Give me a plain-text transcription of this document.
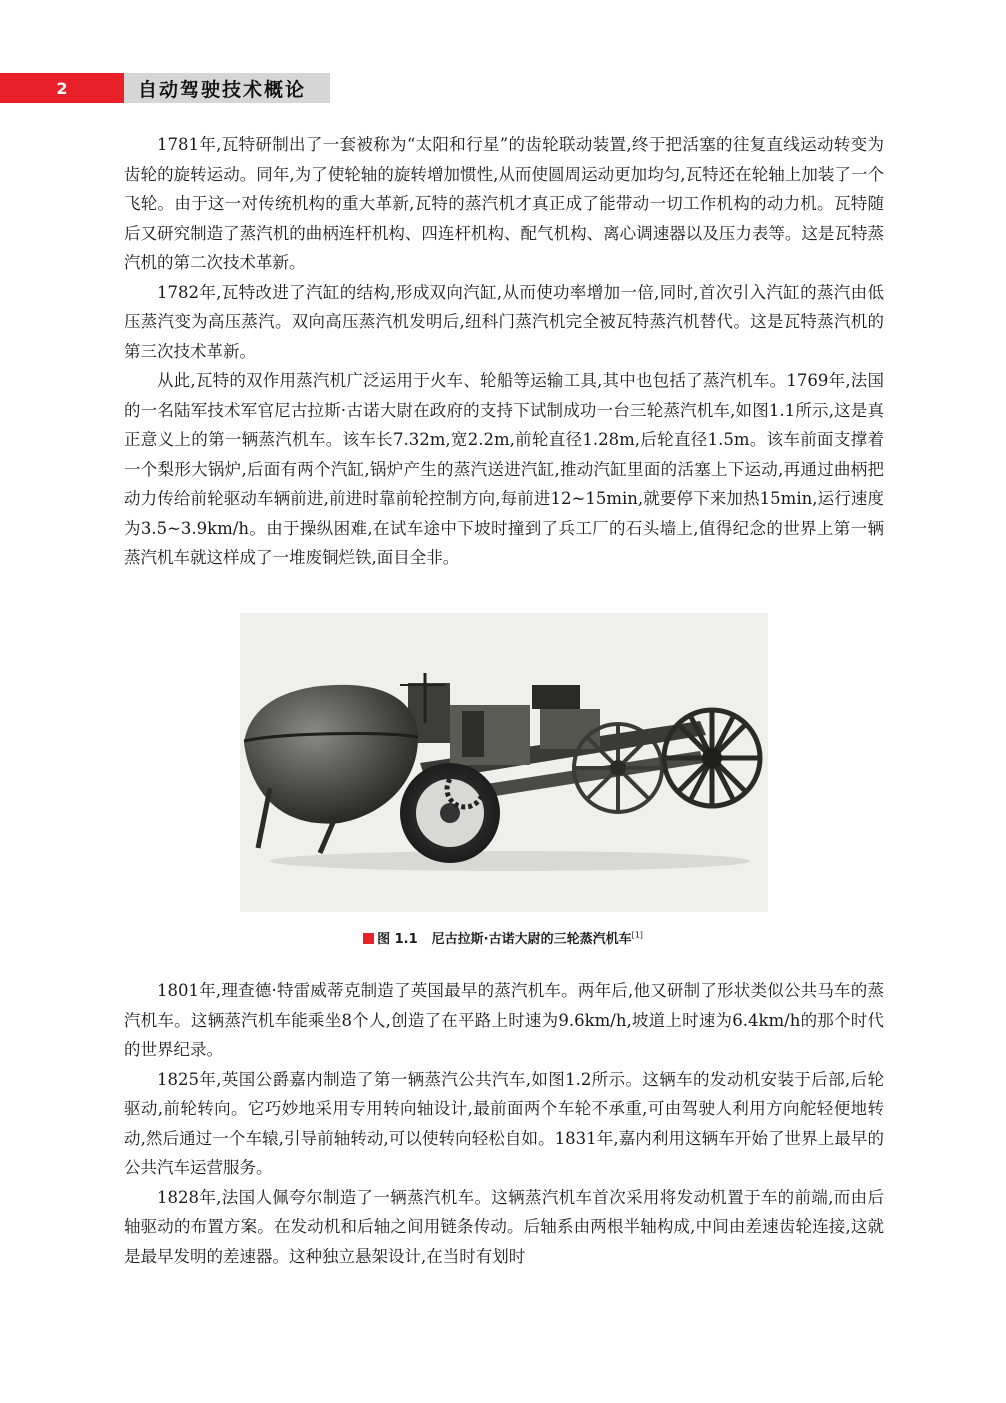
2	自动驾驶技术概论

1781年,瓦特研制出了一套被称为“太阳和行星”的齿轮联动装置,终于把活塞的往复直线运动转变为齿轮的旋转运动。同年,为了使轮轴的旋转增加惯性,从而使圆周运动更加均匀,瓦特还在轮轴上加装了一个飞轮。由于这一对传统机构的重大革新,瓦特的蒸汽机才真正成了能带动一切工作机构的动力机。瓦特随后又研究制造了蒸汽机的曲柄连杆机构、四连杆机构、配气机构、离心调速器以及压力表等。这是瓦特蒸汽机的第二次技术革新。

1782年,瓦特改进了汽缸的结构,形成双向汽缸,从而使功率增加一倍,同时,首次引入汽缸的蒸汽由低压蒸汽变为高压蒸汽。双向高压蒸汽机发明后,纽科门蒸汽机完全被瓦特蒸汽机替代。这是瓦特蒸汽机的第三次技术革新。

从此,瓦特的双作用蒸汽机广泛运用于火车、轮船等运输工具,其中也包括了蒸汽机车。1769年,法国的一名陆军技术军官尼古拉斯·古诺大尉在政府的支持下试制成功一台三轮蒸汽机车,如图1.1所示,这是真正意义上的第一辆蒸汽机车。该车长7.32m,宽2.2m,前轮直径1.28m,后轮直径1.5m。该车前面支撑着一个梨形大锅炉,后面有两个汽缸,锅炉产生的蒸汽送进汽缸,推动汽缸里面的活塞上下运动,再通过曲柄把动力传给前轮驱动车辆前进,前进时靠前轮控制方向,每前进12~15min,就要停下来加热15min,运行速度为3.5~3.9km/h。由于操纵困难,在试车途中下坡时撞到了兵工厂的石头墙上,值得纪念的世界上第一辆蒸汽机车就这样成了一堆废铜烂铁,面目全非。

图 1.1 尼古拉斯·古诺大尉的三轮蒸汽机车[1]

1801年,理查德·特雷威蒂克制造了英国最早的蒸汽机车。两年后,他又研制了形状类似公共马车的蒸汽机车。这辆蒸汽机车能乘坐8个人,创造了在平路上时速为9.6km/h,坡道上时速为6.4km/h的那个时代的世界纪录。

1825年,英国公爵嘉内制造了第一辆蒸汽公共汽车,如图1.2所示。这辆车的发动机安装于后部,后轮驱动,前轮转向。它巧妙地采用专用转向轴设计,最前面两个车轮不承重,可由驾驶人利用方向舵轻便地转动,然后通过一个车辕,引导前轴转动,可以使转向轻松自如。1831年,嘉内利用这辆车开始了世界上最早的公共汽车运营服务。

1828年,法国人佩夸尔制造了一辆蒸汽机车。这辆蒸汽机车首次采用将发动机置于车的前端,而由后轴驱动的布置方案。在发动机和后轴之间用链条传动。后轴系由两根半轴构成,中间由差速齿轮连接,这就是最早发明的差速器。这种独立悬架设计,在当时有划时
